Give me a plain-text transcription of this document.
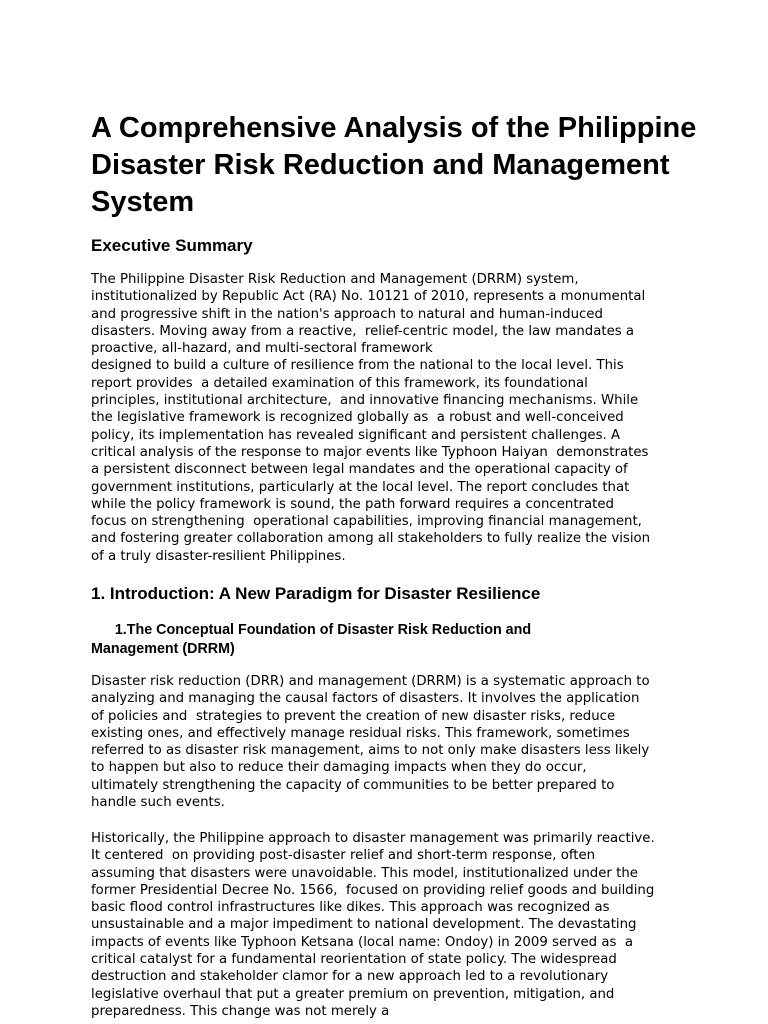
A Comprehensive Analysis of the Philippine Disaster Risk Reduction and Management System
Executive Summary
The Philippine Disaster Risk Reduction and Management (DRRM) system,
institutionalized by Republic Act (RA) No. 10121 of 2010, represents a monumental
and progressive shift in the nation's approach to natural and human-induced
disasters. Moving away from a reactive,  relief-centric model, the law mandates a
proactive, all-hazard, and multi-sectoral framework
designed to build a culture of resilience from the national to the local level. This
report provides  a detailed examination of this framework, its foundational
principles, institutional architecture,  and innovative financing mechanisms. While
the legislative framework is recognized globally as  a robust and well-conceived
policy, its implementation has revealed significant and persistent challenges. A
critical analysis of the response to major events like Typhoon Haiyan  demonstrates
a persistent disconnect between legal mandates and the operational capacity of
government institutions, particularly at the local level. The report concludes that
while the policy framework is sound, the path forward requires a concentrated
focus on strengthening  operational capabilities, improving financial management,
and fostering greater collaboration among all stakeholders to fully realize the vision
of a truly disaster-resilient Philippines.
1. Introduction: A New Paradigm for Disaster Resilience
1.The Conceptual Foundation of Disaster Risk Reduction and
Management (DRRM)
Disaster risk reduction (DRR) and management (DRRM) is a systematic approach to
analyzing and managing the causal factors of disasters. It involves the application
of policies and  strategies to prevent the creation of new disaster risks, reduce
existing ones, and effectively manage residual risks. This framework, sometimes
referred to as disaster risk management, aims to not only make disasters less likely
to happen but also to reduce their damaging impacts when they do occur,
ultimately strengthening the capacity of communities to be better prepared to
handle such events.
Historically, the Philippine approach to disaster management was primarily reactive.
It centered  on providing post-disaster relief and short-term response, often
assuming that disasters were unavoidable. This model, institutionalized under the
former Presidential Decree No. 1566,  focused on providing relief goods and building
basic flood control infrastructures like dikes. This approach was recognized as
unsustainable and a major impediment to national development. The devastating
impacts of events like Typhoon Ketsana (local name: Ondoy) in 2009 served as  a
critical catalyst for a fundamental reorientation of state policy. The widespread
destruction and stakeholder clamor for a new approach led to a revolutionary
legislative overhaul that put a greater premium on prevention, mitigation, and
preparedness. This change was not merely a
